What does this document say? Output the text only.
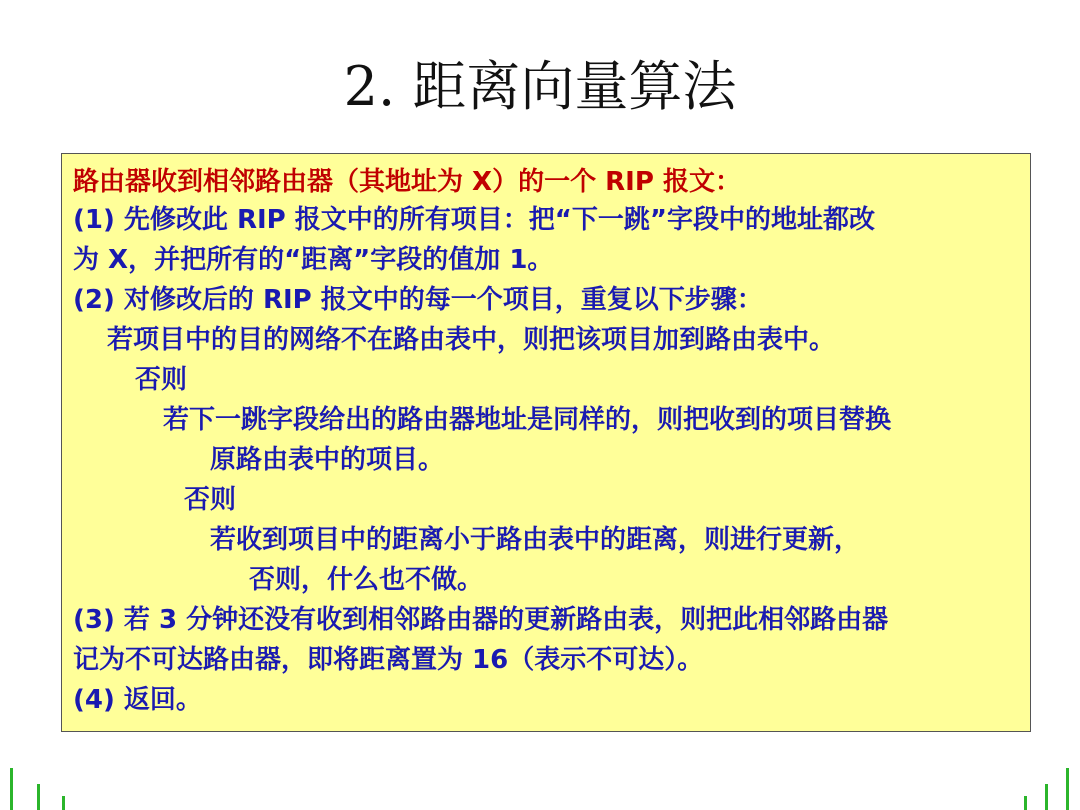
2. 距离向量算法
路由器收到相邻路由器（其地址为 X）的一个 RIP 报文：
(1) 先修改此 RIP 报文中的所有项目：把“下一跳”字段中的地址都改
为 X，并把所有的“距离”字段的值加 1。
(2) 对修改后的 RIP 报文中的每一个项目，重复以下步骤：
若项目中的目的网络不在路由表中，则把该项目加到路由表中。
否则
若下一跳字段给出的路由器地址是同样的，则把收到的项目替换
原路由表中的项目。
否则
若收到项目中的距离小于路由表中的距离，则进行更新，
否则，什么也不做。
(3) 若 3 分钟还没有收到相邻路由器的更新路由表，则把此相邻路由器
记为不可达路由器，即将距离置为 16（表示不可达）。
(4) 返回。
